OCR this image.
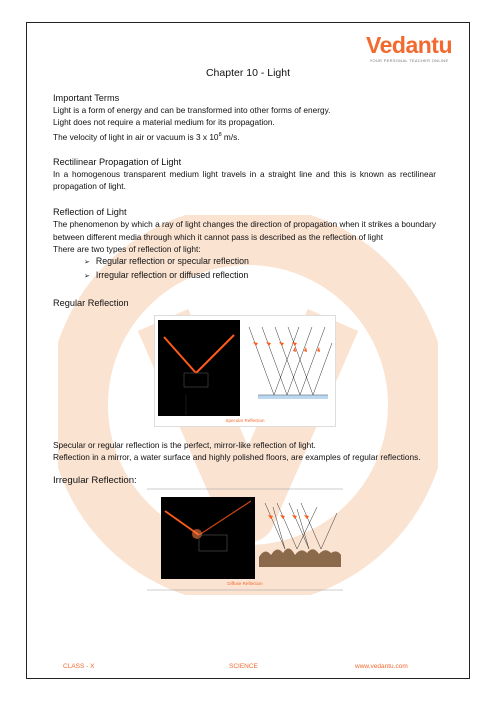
Vedantu
YOUR PERSONAL TEACHER ONLINE
Chapter 10 - Light
Important Terms

Light is a form of energy and can be transformed into other forms of energy.

Light does not require a material medium for its propagation.

The velocity of light in air or vacuum is 3 x $10^8$ m/s.

Rectilinear Propagation of Light

In a homogenous transparent medium light travels in a straight line and this is known as rectilinear propagation of light.

Reflection of Light

The phenomenon by which a ray of light changes the direction of propagation when it strikes a boundary between different media through which it cannot pass is described as the reflection of light

There are two types of reflection of light:

➢ Regular reflection or specular reflection
➢ Irregular reflection or diffused reflection
Regular Reflection
Specular Reflection

Specular or regular reflection is the perfect, mirror-like reflection of light.

Reflection in a mirror, a water surface and highly polished floors, are examples of regular reflections.

Irregular Reflection:
Diffuse Reflection
CLASS - X	SCIENCE	www.vedantu.com
